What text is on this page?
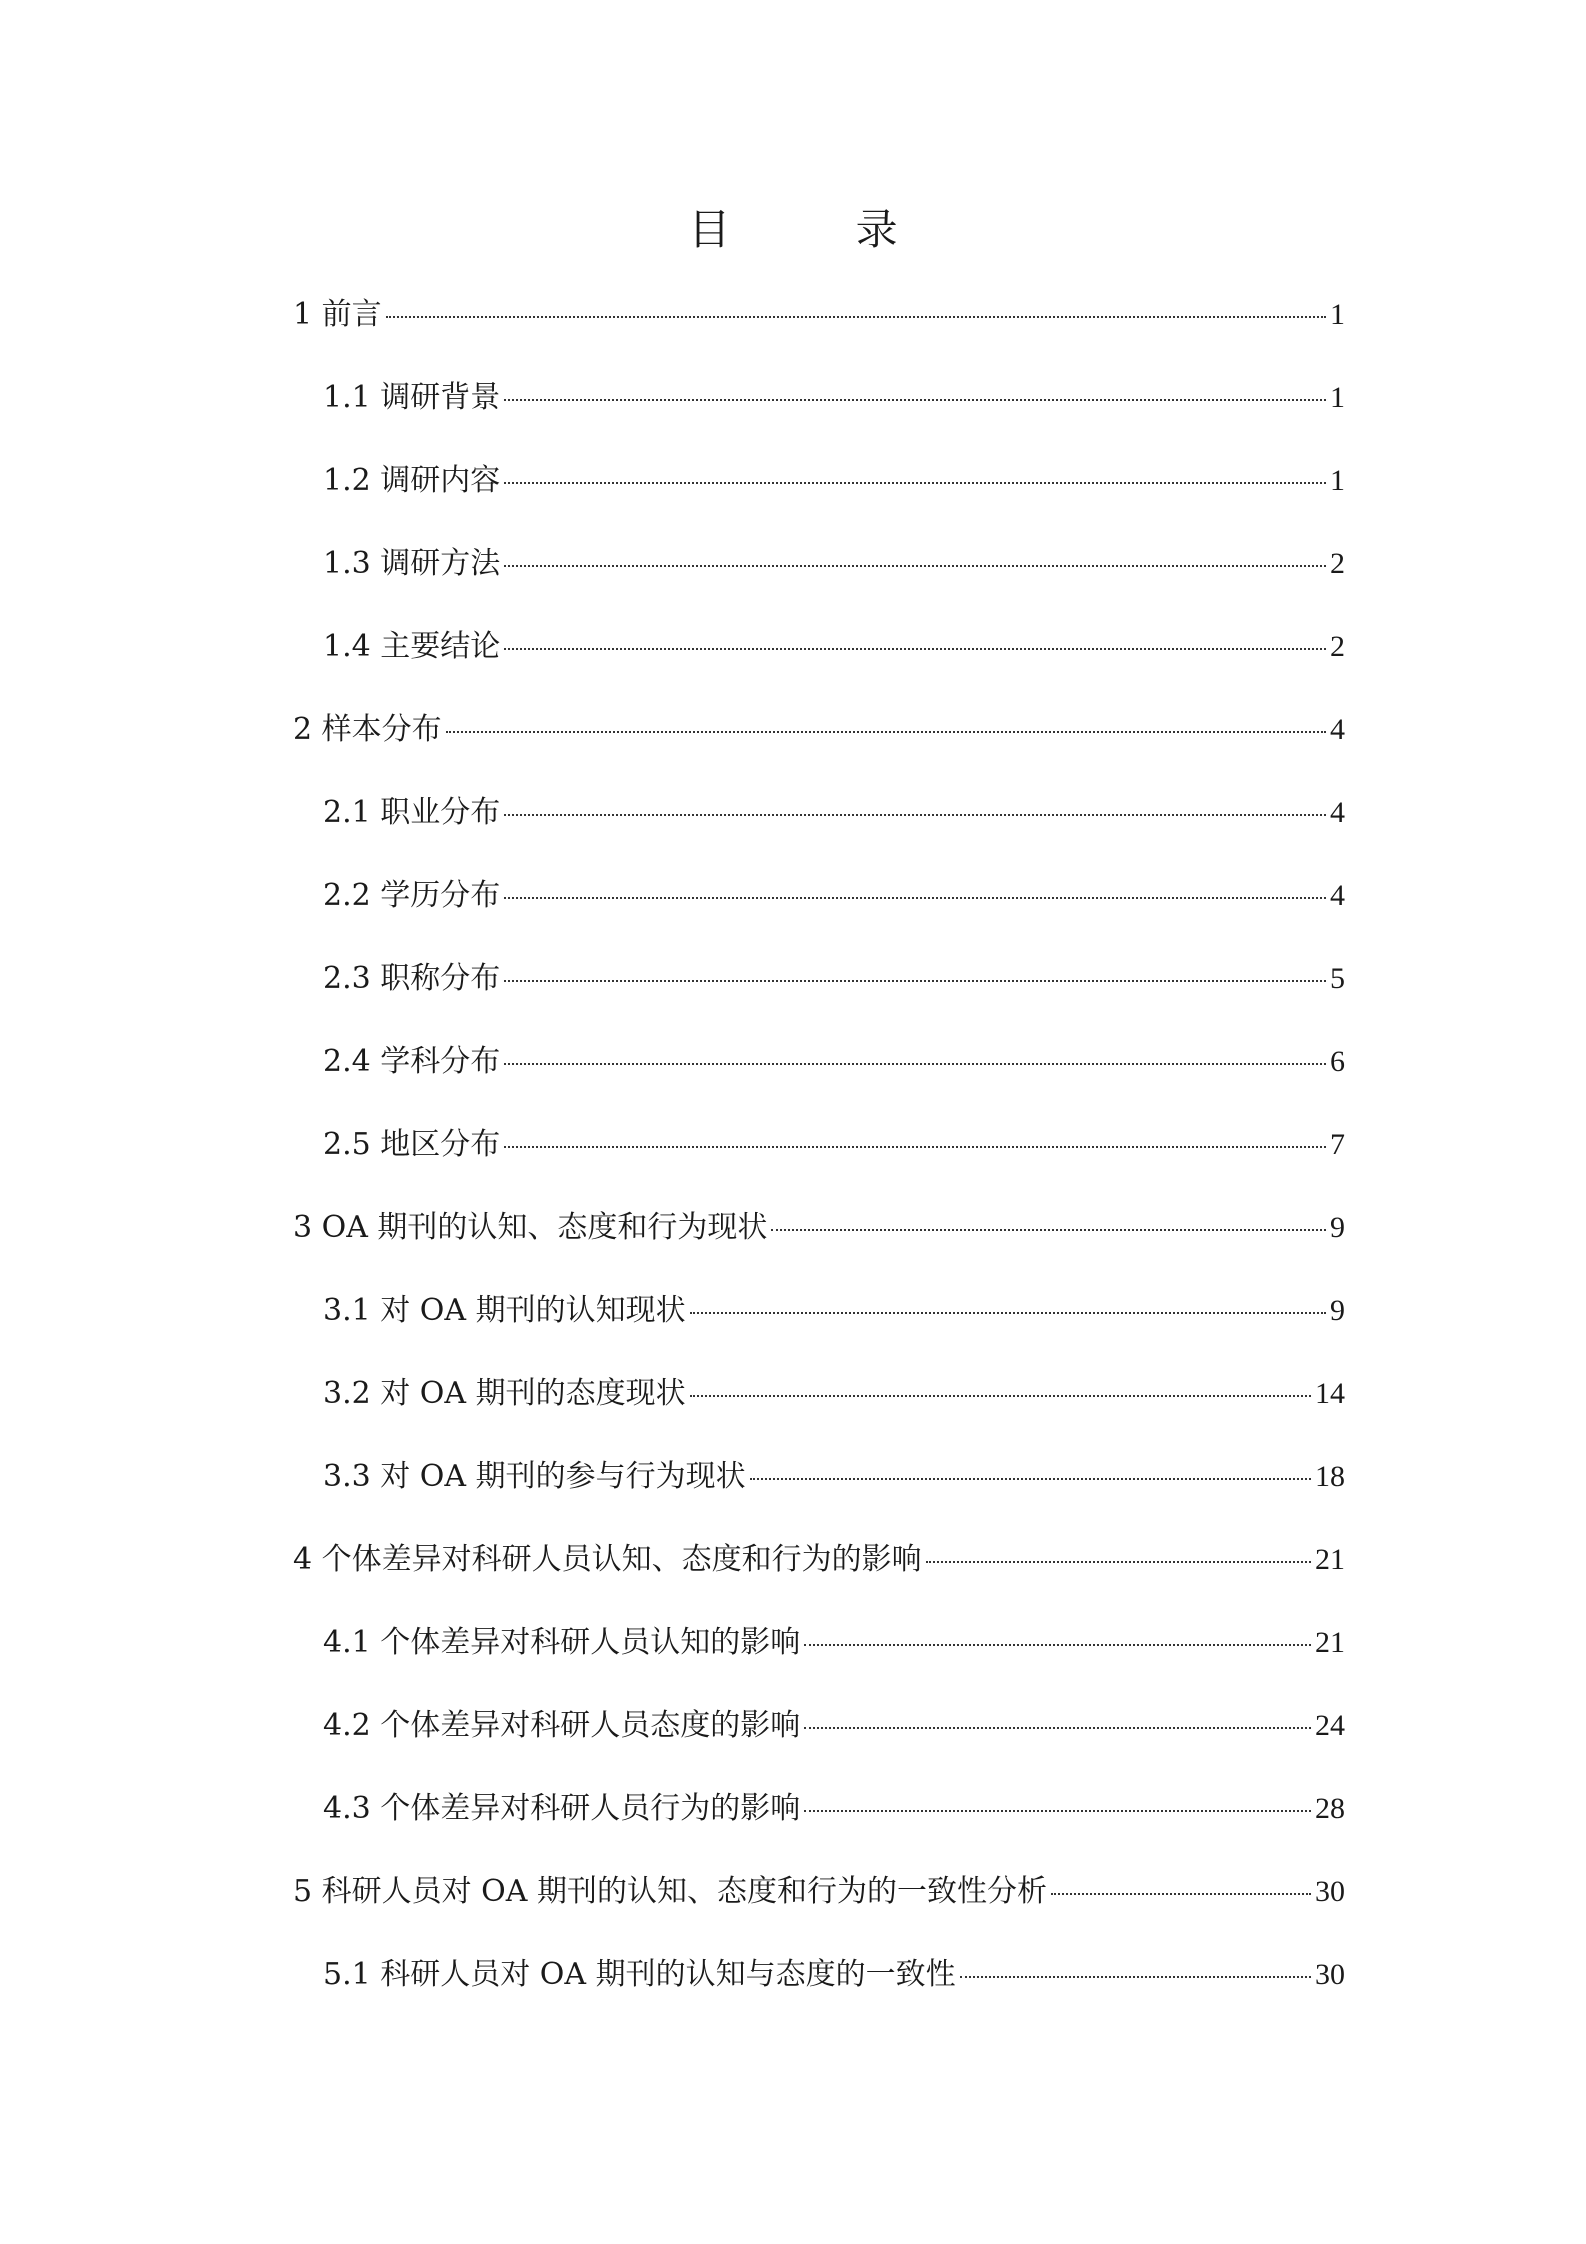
目 录
1 前言	1
1.1 调研背景	1
1.2 调研内容	1
1.3 调研方法	2
1.4 主要结论	2
2 样本分布	4
2.1 职业分布	4
2.2 学历分布	4
2.3 职称分布	5
2.4 学科分布	6
2.5 地区分布	7
3 OA 期刊的认知、态度和行为现状	9
3.1 对 OA 期刊的认知现状	9
3.2 对 OA 期刊的态度现状	14
3.3 对 OA 期刊的参与行为现状	18
4 个体差异对科研人员认知、态度和行为的影响	21
4.1 个体差异对科研人员认知的影响	21
4.2 个体差异对科研人员态度的影响	24
4.3 个体差异对科研人员行为的影响	28
5 科研人员对 OA 期刊的认知、态度和行为的一致性分析	30
5.1 科研人员对 OA 期刊的认知与态度的一致性	30
